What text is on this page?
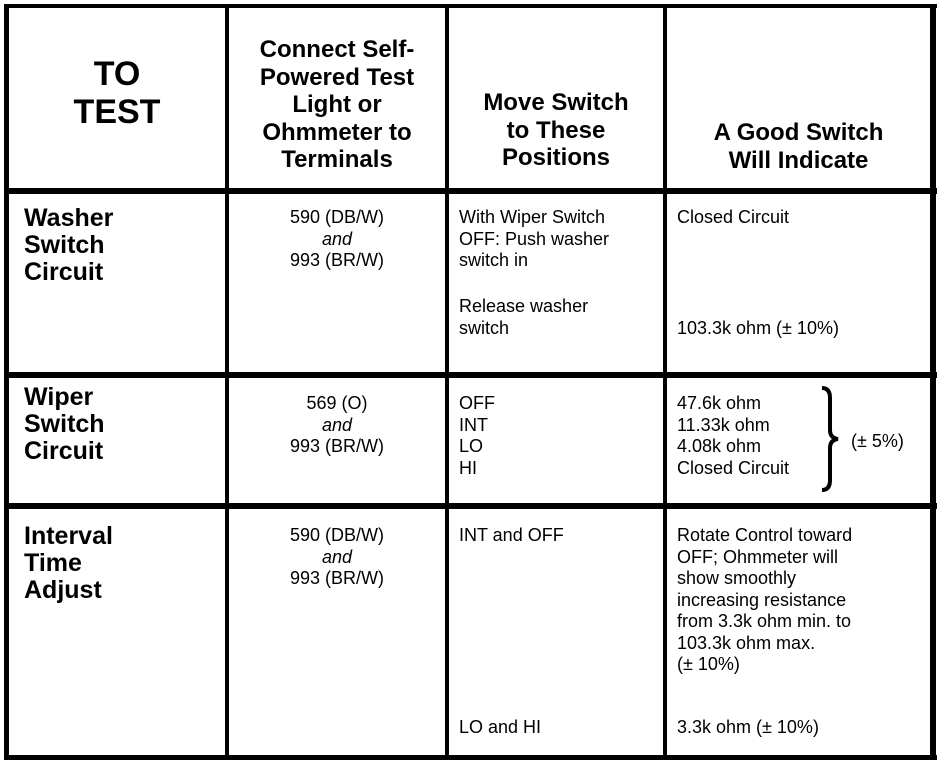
TO
TEST
Connect Self-
Powered Test
Light or
Ohmmeter to
Terminals
Move Switch
to These
Positions
A Good Switch
Will Indicate
Washer
Switch
Circuit
590 (DB/W)
and
993 (BR/W)
With Wiper Switch
OFF: Push washer
switch in
Release washer
switch
Closed Circuit
103.3k ohm (± 10%)
Wiper
Switch
Circuit
569 (O)
and
993 (BR/W)
OFF
INT
LO
HI
47.6k ohm
11.33k ohm
4.08k ohm
Closed Circuit
(± 5%)
Interval
Time
Adjust
590 (DB/W)
and
993 (BR/W)
INT and OFF
LO and HI
Rotate Control toward
OFF; Ohmmeter will
show smoothly
increasing resistance
from 3.3k ohm min. to
103.3k ohm max.
(± 10%)
3.3k ohm (± 10%)
